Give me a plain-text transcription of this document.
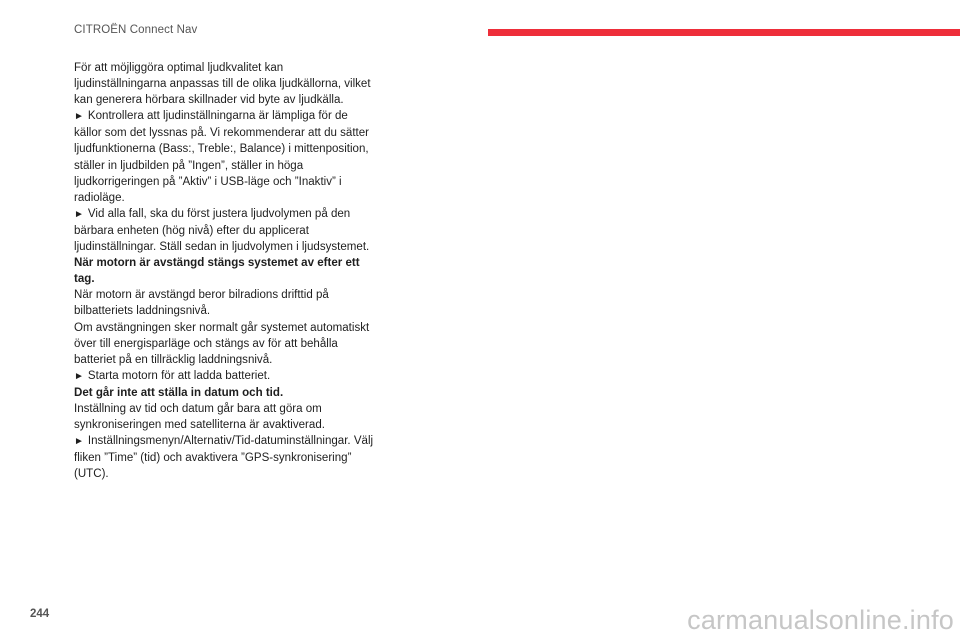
CITROËN Connect Nav

För att möjliggöra optimal ljudkvalitet kan ljudinställningarna anpassas till de olika ljudkällorna, vilket kan generera hörbara skillnader vid byte av ljudkälla.

► Kontrollera att ljudinställningarna är lämpliga för de källor som det lyssnas på. Vi rekommenderar att du sätter ljudfunktionerna (Bass:, Treble:, Balance) i mittenposition, ställer in ljudbilden på ”Ingen”, ställer in höga ljudkorrigeringen på ”Aktiv” i USB-läge och ”Inaktiv” i radioläge.

► Vid alla fall, ska du först justera ljudvolymen på den bärbara enheten (hög nivå) efter du applicerat ljudinställningar. Ställ sedan in ljudvolymen i ljudsystemet.

När motorn är avstängd stängs systemet av efter ett tag.

När motorn är avstängd beror bilradions drifttid på bilbatteriets laddningsnivå.

Om avstängningen sker normalt går systemet automatiskt över till energisparläge och stängs av för att behålla batteriet på en tillräcklig laddningsnivå.

► Starta motorn för att ladda batteriet.

Det går inte att ställa in datum och tid.

Inställning av tid och datum går bara att göra om synkroniseringen med satelliterna är avaktiverad.

► Inställningsmenyn/Alternativ/Tid-datuminställningar. Välj fliken ”Time” (tid) och avaktivera ”GPS-synkronisering” (UTC).

244	carmanualsonline.info
